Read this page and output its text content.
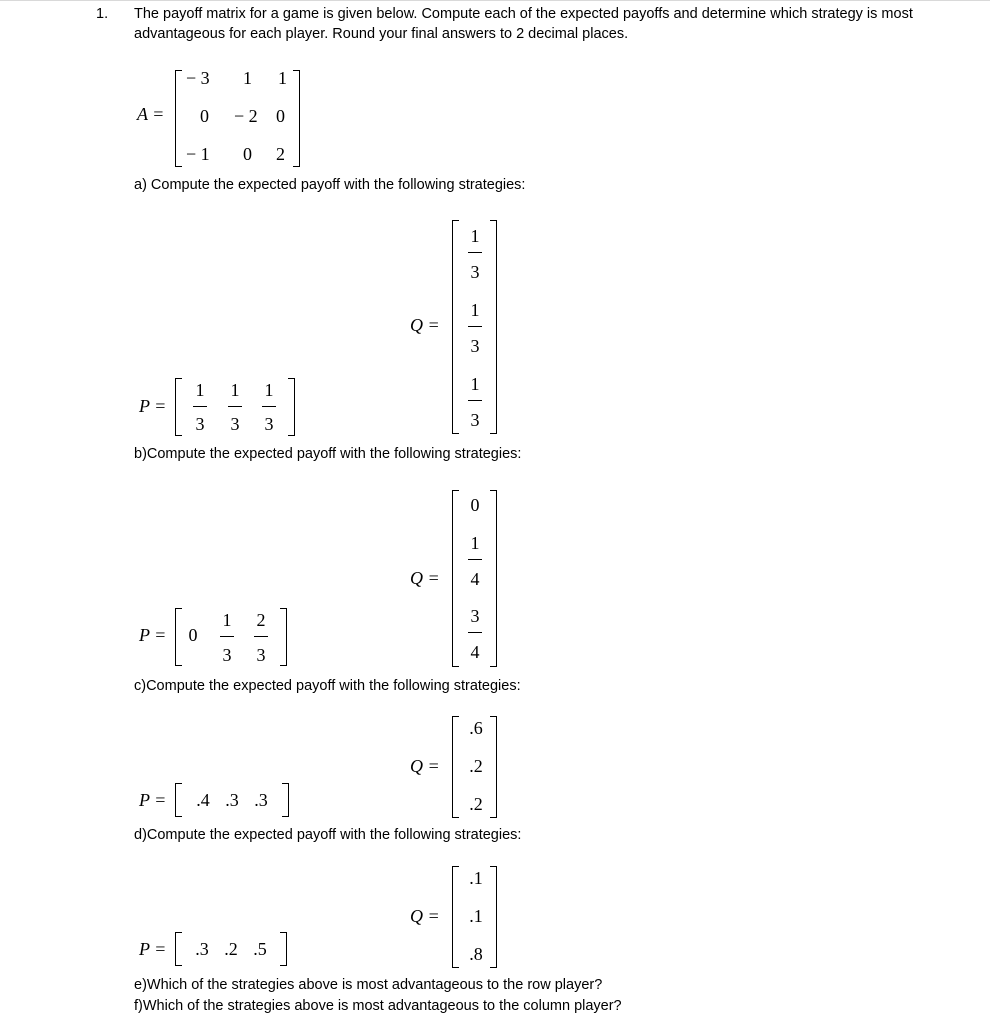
1. The payoff matrix for a game is given below. Compute each of the expected payoffs and determine which strategy is most
advantageous for each player. Round your final answers to 2 decimal places.
A =
− 3 1 1
0 − 2 0
− 1 0 2
a) Compute the expected payoff with the following strategies:
Q =
1
3
1
3
1
3
P =
1
3
1
3
1
3
b)Compute the expected payoff with the following strategies:
Q =
0
1
4
3
4
P =	0
1
3
2
3
c)Compute the expected payoff with the following strategies:
Q =
.6
.2
.2
P = .4 .3 .3
d)Compute the expected payoff with the following strategies:
Q =
.1
.1
.8
P = .3 .2 .5
e)Which of the strategies above is most advantageous to the row player?
f)Which of the strategies above is most advantageous to the column player?
